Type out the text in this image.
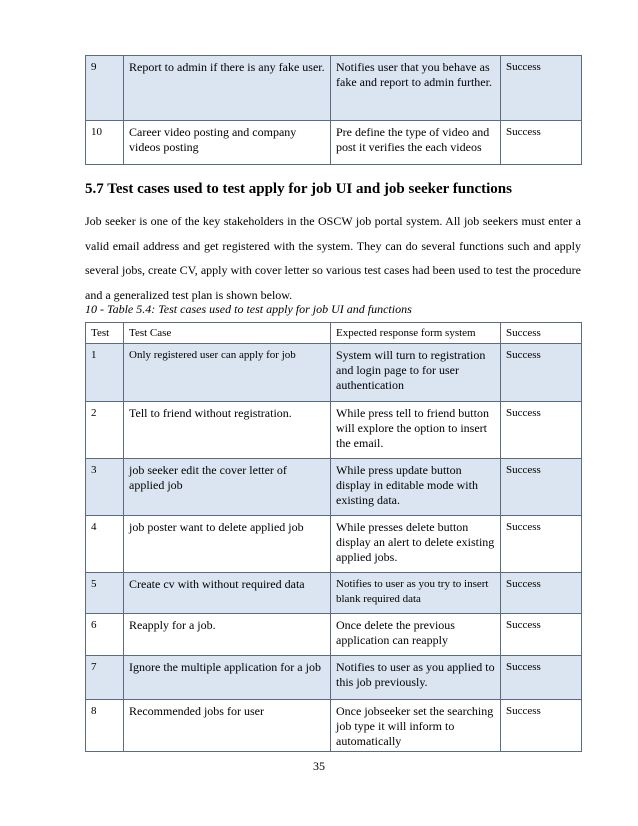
9	Report to admin if there is any fake user.	Notifies user that you behave as fake and report to admin further.	Success
10	Career video posting and company videos posting	Pre define the type of video and post it verifies the each videos	Success
5.7 Test cases used to test apply for job UI and job seeker functions

Job seeker is one of the key stakeholders in the OSCW job portal system. All job seekers must enter a valid email address and get registered with the system. They can do several functions such and apply several jobs, create CV, apply with cover letter so various test cases had been used to test the procedure and a generalized test plan is shown below.

10 - Table 5.4: Test cases used to test apply for job UI and functions

Test	Test Case	Expected response form system	Success
1	Only registered user can apply for job	System will turn to registration and login page to for user authentication	Success
2	Tell to friend without registration.	While press tell to friend button will explore the option to insert the email.	Success
3	job seeker edit the cover letter of applied job	While press update button display in editable mode with existing data.	Success
4	job poster want to delete applied job	While presses delete button display an alert to delete existing applied jobs.	Success
5	Create cv with without required data	Notifies to user as you try to insert blank required data	Success
6	Reapply for a job.	Once delete the previous application can reapply	Success
7	Ignore the multiple application for a job	Notifies to user as you applied to this job previously.	Success
8	Recommended jobs for user	Once jobseeker set the searching job type it will inform to automatically	Success

35
